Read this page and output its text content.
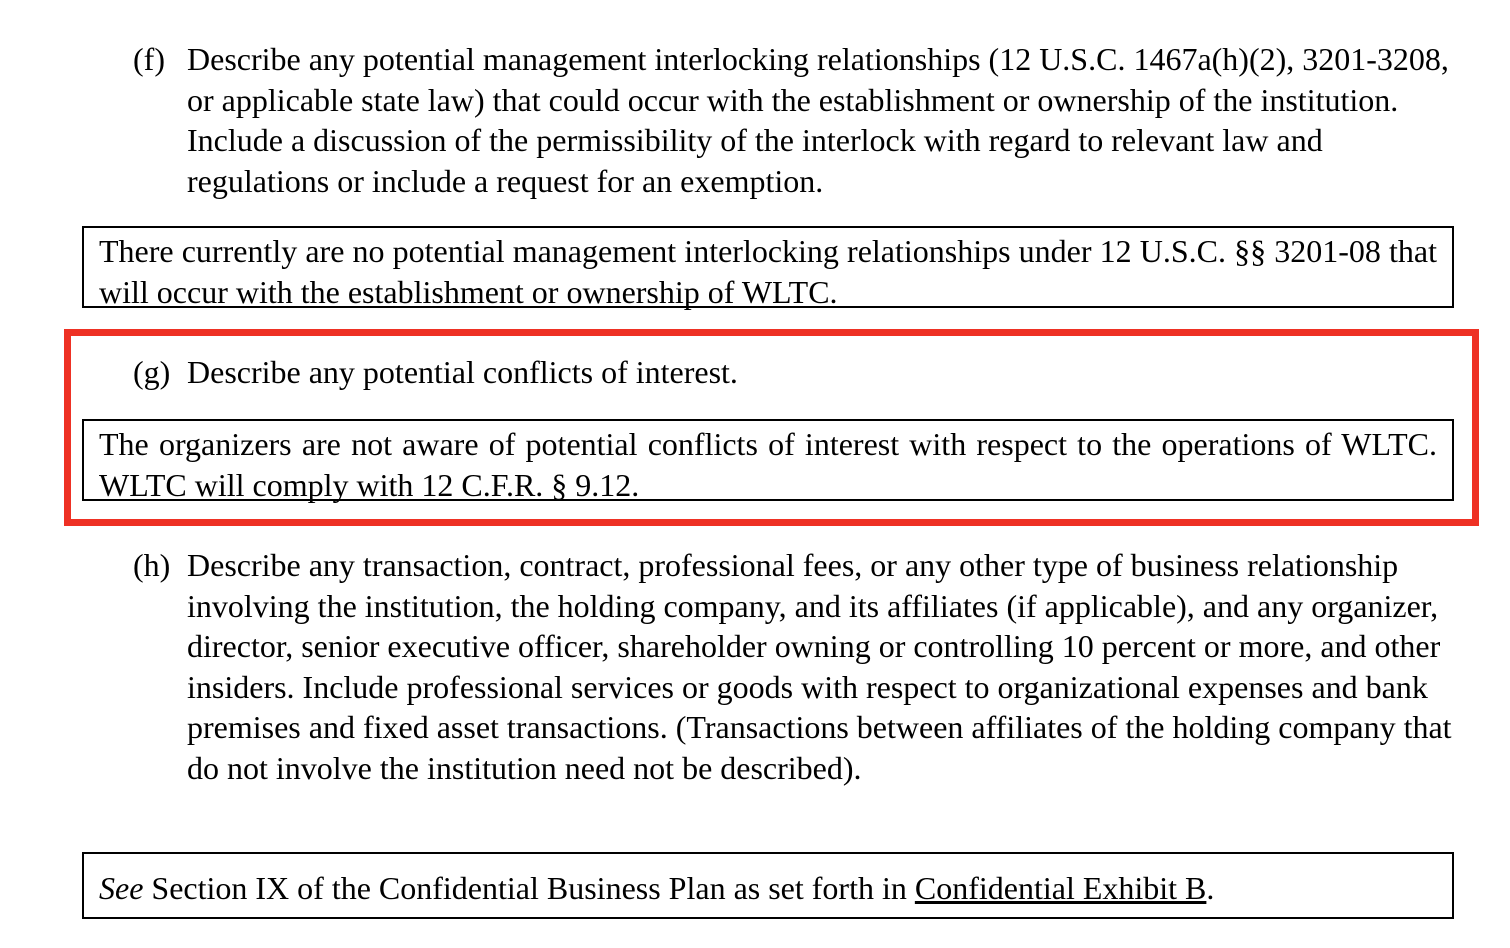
(f) Describe any potential management interlocking relationships (12 U.S.C. 1467a(h)(2), 3201-3208, or applicable state law) that could occur with the establishment or ownership of the institution. Include a discussion of the permissibility of the interlock with regard to relevant law and regulations or include a request for an exemption.
There currently are no potential management interlocking relationships under 12 U.S.C. §§ 3201-08 that will occur with the establishment or ownership of WLTC.
(g) Describe any potential conflicts of interest.
The organizers are not aware of potential conflicts of interest with respect to the operations of WLTC. WLTC will comply with 12 C.F.R. § 9.12.
(h) Describe any transaction, contract, professional fees, or any other type of business relationship involving the institution, the holding company, and its affiliates (if applicable), and any organizer, director, senior executive officer, shareholder owning or controlling 10 percent or more, and other insiders. Include professional services or goods with respect to organizational expenses and bank premises and fixed asset transactions. (Transactions between affiliates of the holding company that do not involve the institution need not be described).
See Section IX of the Confidential Business Plan as set forth in Confidential Exhibit B.
